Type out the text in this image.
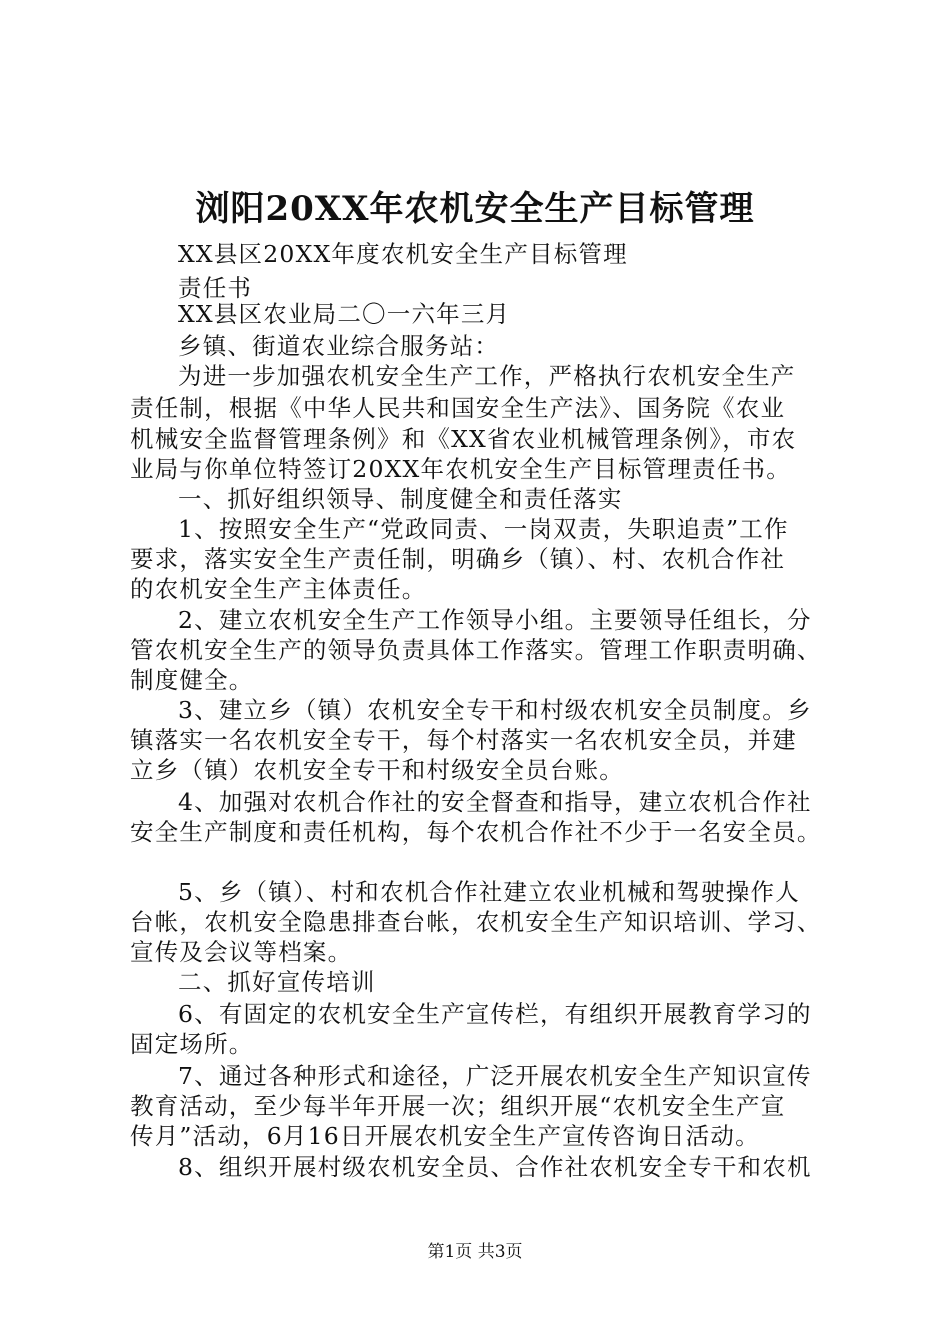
浏阳20XX年农机安全生产目标管理
XX县区20XX年度农机安全生产目标管理
责任书
XX县区农业局二〇一六年三月
乡镇、街道农业综合服务站：
为进一步加强农机安全生产工作，严格执行农机安全生产
责任制，根据《中华人民共和国安全生产法》、国务院《农业
机械安全监督管理条例》和《XX省农业机械管理条例》，市农
业局与你单位特签订20XX年农机安全生产目标管理责任书。
一、抓好组织领导、制度健全和责任落实
1、按照安全生产“党政同责、一岗双责，失职追责”工作
要求，落实安全生产责任制，明确乡（镇）、村、农机合作社
的农机安全生产主体责任。
2、建立农机安全生产工作领导小组。主要领导任组长，分
管农机安全生产的领导负责具体工作落实。管理工作职责明确、
制度健全。
3、建立乡（镇）农机安全专干和村级农机安全员制度。乡
镇落实一名农机安全专干，每个村落实一名农机安全员，并建
立乡（镇）农机安全专干和村级安全员台账。
4、加强对农机合作社的安全督查和指导，建立农机合作社
安全生产制度和责任机构，每个农机合作社不少于一名安全员。
5、乡（镇）、村和农机合作社建立农业机械和驾驶操作人
台帐，农机安全隐患排查台帐，农机安全生产知识培训、学习、
宣传及会议等档案。
二、抓好宣传培训
6、有固定的农机安全生产宣传栏，有组织开展教育学习的
固定场所。
7、通过各种形式和途径，广泛开展农机安全生产知识宣传
教育活动，至少每半年开展一次；组织开展“农机安全生产宣
传月”活动，6月16日开展农机安全生产宣传咨询日活动。
8、组织开展村级农机安全员、合作社农机安全专干和农机
第1页 共3页
